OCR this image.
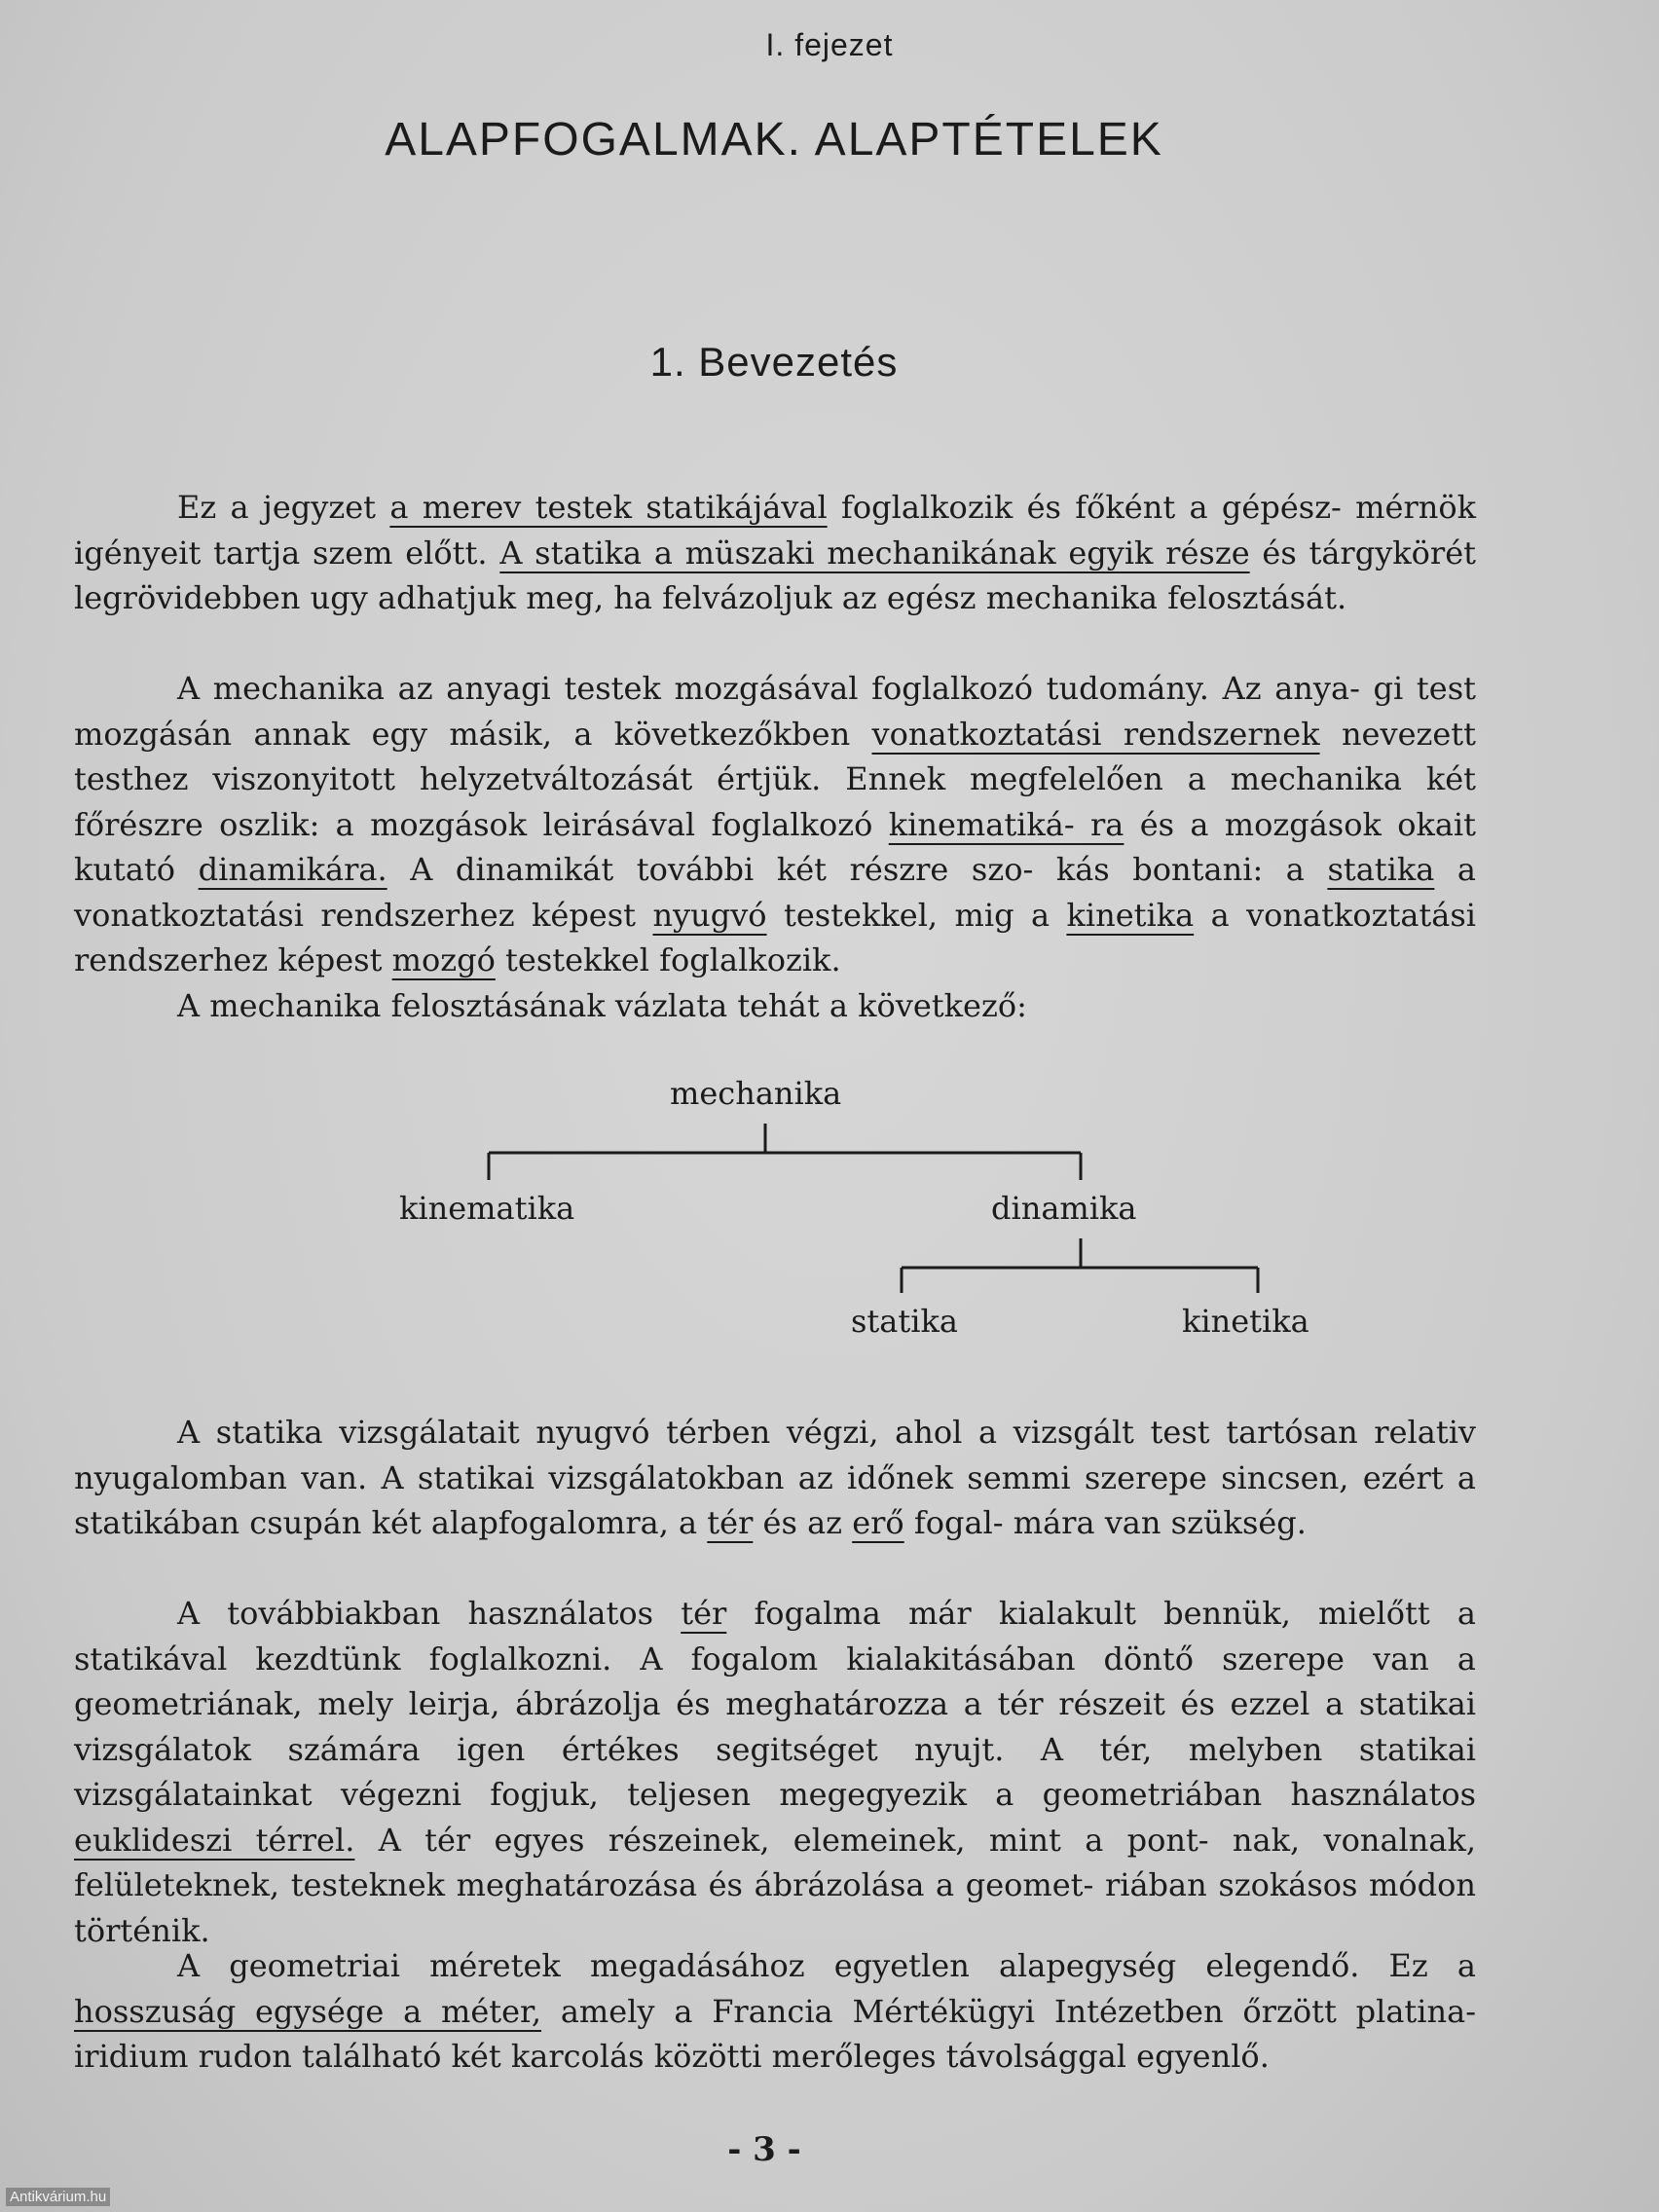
I. fejezet
ALAPFOGALMAK. ALAPTÉTELEK
1. Bevezetés

Ez a jegyzet a merev testek statikájával foglalkozik és főként a gépész- mérnök igényeit tartja szem előtt. A statika a müszaki mechanikának egyik része és tárgykörét legrövidebben ugy adhatjuk meg, ha felvázoljuk az egész mechanika felosztását.

A mechanika az anyagi testek mozgásával foglalkozó tudomány. Az anya- gi test mozgásán annak egy másik, a következőkben vonatkoztatási rendszernek nevezett testhez viszonyitott helyzetváltozását értjük. Ennek megfelelően a mechanika két főrészre oszlik: a mozgások leirásával foglalkozó kinematiká- ra és a mozgások okait kutató dinamikára. A dinamikát további két részre szo- kás bontani: a statika a vonatkoztatási rendszerhez képest nyugvó testekkel, mig a kinetika a vonatkoztatási rendszerhez képest mozgó testekkel foglalkozik.
A mechanika felosztásának vázlata tehát a következő:

mechanika
kinematika	dinamika
statika	kinetika

A statika vizsgálatait nyugvó térben végzi, ahol a vizsgált test tartósan relativ nyugalomban van. A statikai vizsgálatokban az időnek semmi szerepe sincsen, ezért a statikában csupán két alapfogalomra, a tér és az erő fogal- mára van szükség.

A továbbiakban használatos tér fogalma már kialakult bennük, mielőtt a statikával kezdtünk foglalkozni. A fogalom kialakitásában döntő szerepe van a geometriának, mely leirja, ábrázolja és meghatározza a tér részeit és ezzel a statikai vizsgálatok számára igen értékes segitséget nyujt. A tér, melyben statikai vizsgálatainkat végezni fogjuk, teljesen megegyezik a geometriában használatos euklideszi térrel. A tér egyes részeinek, elemeinek, mint a pont- nak, vonalnak, felületeknek, testeknek meghatározása és ábrázolása a geomet- riában szokásos módon történik.

A geometriai méretek megadásához egyetlen alapegység elegendő. Ez a hosszuság egysége a méter, amely a Francia Mértékügyi Intézetben őrzött platina-iridium rudon található két karcolás közötti merőleges távolsággal egyenlő.

- 3 -
Antikvárium.hu
